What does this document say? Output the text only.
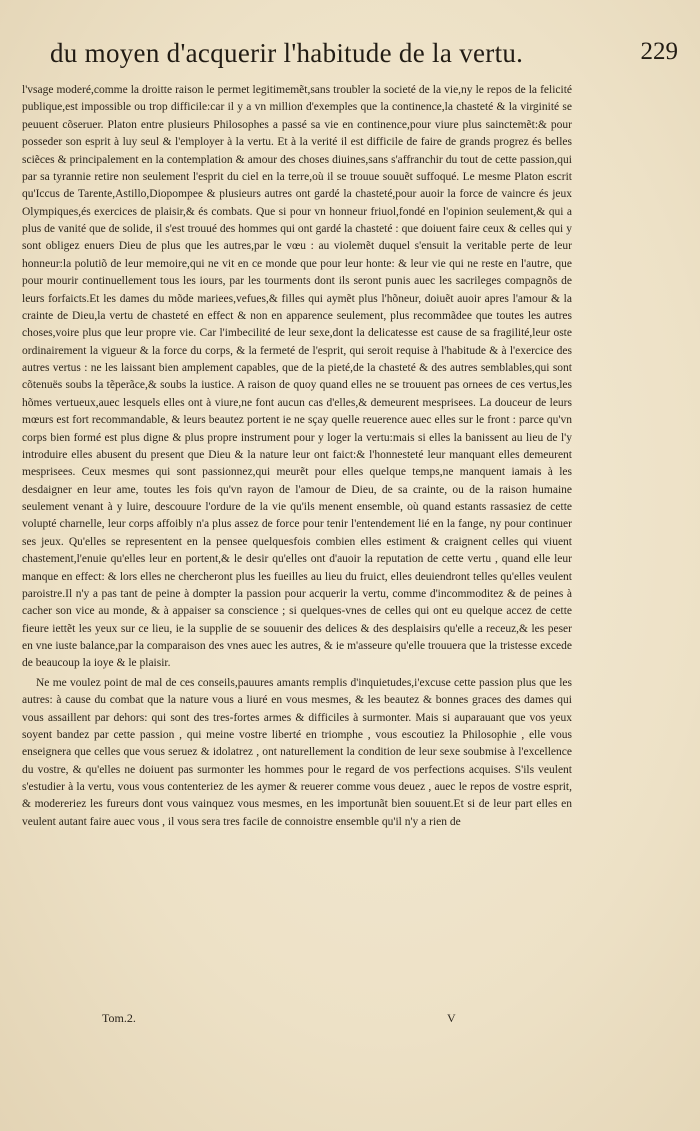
du moyen d'acquerir l'habitude de la vertu.	229

l'vsage moderé,comme la droitte raison le permet legitimemẽt,sans troubler la societé de la vie,ny le repos de la felicité publique,est impossible ou trop difficile:car il y a vn million d'exemples que la continence,la chasteté & la virginité se peuuent cõseruer. Platon entre plusieurs Philosophes a passé sa vie en continence,pour viure plus sainctemẽt:& pour posseder son esprit à luy seul & l'employer à la vertu. Et à la verité il est difficile de faire de grands progrez és belles sciẽces & principalement en la contemplation & amour des choses diuines,sans s'affranchir du tout de cette passion,qui par sa tyrannie retire non seulement l'esprit du ciel en la terre,où il se trouue souuẽt suffoqué. Le mesme Platon escrit qu'Iccus de Tarente,Astillo,Diopompee & plusieurs autres ont gardé la chasteté,pour auoir la force de vaincre és jeux Olympiques,és exercices de plaisir,& és combats. Que si pour vn honneur friuol,fondé en l'opinion seulement,& qui a plus de vanité que de solide, il s'est trouué des hommes qui ont gardé la chasteté : que doiuent faire ceux & celles qui y sont obligez enuers Dieu de plus que les autres,par le vœu : au violemẽt duquel s'ensuit la veritable perte de leur honneur:la polutiõ de leur memoire,qui ne vit en ce monde que pour leur honte: & leur vie qui ne reste en l'autre, que pour mourir continuellement tous les iours, par les tourments dont ils seront punis auec les sacrileges compagnõs de leurs forfaicts.Et les dames du mõde mariees,vefues,& filles qui aymẽt plus l'hõneur, doiuẽt auoir apres l'amour & la crainte de Dieu,la vertu de chasteté en effect & non en apparence seulement, plus recommãdee que toutes les autres choses,voire plus que leur propre vie. Car l'imbecilité de leur sexe,dont la delicatesse est cause de sa fragilité,leur oste ordinairement la vigueur & la force du corps, & la fermeté de l'esprit, qui seroit requise à l'habitude & à l'exercice des autres vertus : ne les laissant bien amplement capables, que de la pieté,de la chasteté & des autres semblables,qui sont cõtenuës soubs la tẽperãce,& soubs la iustice. A raison de quoy quand elles ne se trouuent pas ornees de ces vertus,les hõmes vertueux,auec lesquels elles ont à viure,ne font aucun cas d'elles,& demeurent mesprisees. La douceur de leurs mœurs est fort recommandable, & leurs beautez portent ie ne sçay quelle reuerence auec elles sur le front : parce qu'vn corps bien formé est plus digne & plus propre instrument pour y loger la vertu:mais si elles la banissent au lieu de l'y introduire elles abusent du present que Dieu & la nature leur ont faict:& l'honnesteté leur manquant elles demeurent mesprisees. Ceux mesmes qui sont passionnez,qui meurẽt pour elles quelque temps,ne manquent iamais à les desdaigner en leur ame, toutes les fois qu'vn rayon de l'amour de Dieu, de sa crainte, ou de la raison humaine seulement venant à y luire, descouure l'ordure de la vie qu'ils menent ensemble, où quand estants rassasiez de cette volupté charnelle, leur corps affoibly n'a plus assez de force pour tenir l'entendement lié en la fange, ny pour continuer ses jeux. Qu'elles se representent en la pensee quelquesfois combien elles estiment & craignent celles qui viuent chastement,l'enuie qu'elles leur en portent,& le desir qu'elles ont d'auoir la reputation de cette vertu , quand elle leur manque en effect: & lors elles ne chercheront plus les fueilles au lieu du fruict, elles deuiendront telles qu'elles veulent paroistre.Il n'y a pas tant de peine à dompter la passion pour acquerir la vertu, comme d'incommoditez & de peines à cacher son vice au monde, & à appaiser sa conscience ; si quelques-vnes de celles qui ont eu quelque accez de cette fieure iettẽt les yeux sur ce lieu, ie la supplie de se souuenir des delices & des desplaisirs qu'elle a receuz,& les peser en vne iuste balance,par la comparaison des vnes auec les autres, & ie m'asseure qu'elle trouuera que la tristesse excede de beaucoup la ioye & le plaisir.

Ne me voulez point de mal de ces conseils,pauures amants remplis d'inquietudes,i'excuse cette passion plus que les autres: à cause du combat que la nature vous a liuré en vous mesmes, & les beautez & bonnes graces des dames qui vous assaillent par dehors: qui sont des tres-fortes armes & difficiles à surmonter. Mais si auparauant que vos yeux soyent bandez par cette passion , qui meine vostre liberté en triomphe , vous escoutiez la Philosophie , elle vous enseignera que celles que vous seruez & idolatrez , ont naturellement la condition de leur sexe soubmise à l'excellence du vostre, & qu'elles ne doiuent pas surmonter les hommes pour le regard de vos perfections acquises. S'ils veulent s'estudier à la vertu, vous vous contenteriez de les aymer & reuerer comme vous deuez , auec le repos de vostre esprit, & modereriez les fureurs dont vous vainquez vous mesmes, en les importunãt bien souuent.Et si de leur part elles en veulent autant faire auec vous , il vous sera tres facile de connoistre ensemble qu'il n'y a rien de

Tom.2.	V
